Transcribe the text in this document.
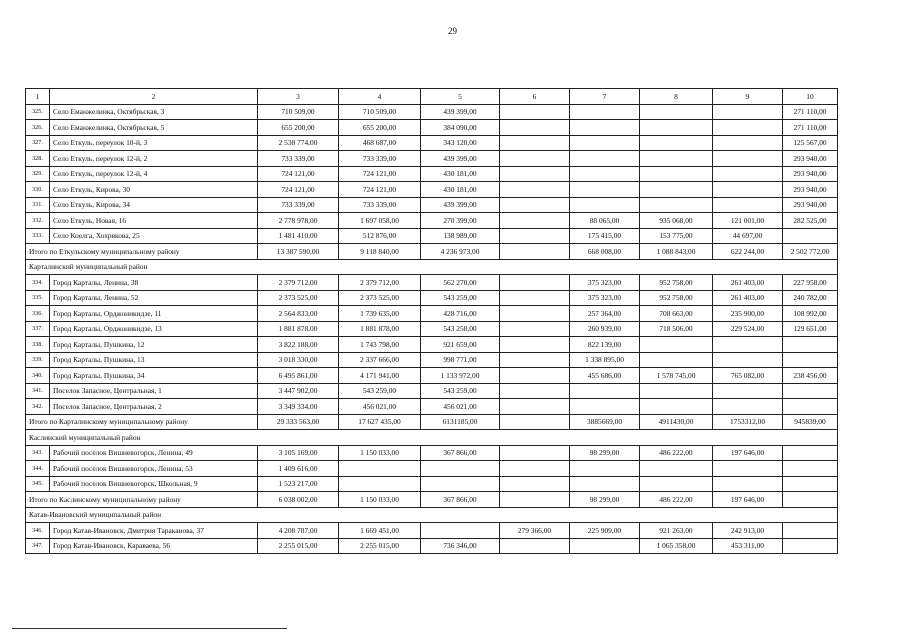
29
1	2	3	4	5	6	7	8	9	10
325.	Село Еманжелинка, Октябрьская, 3	710 509,00	710 509,00	439 399,00					271 110,00
326.	Село Еманжелинка, Октябрьская, 5	655 200,00	655 200,00	384 090,00					271 110,00
327.	Село Еткуль, переулок 10-й, 3	2 538 774,00	468 687,00	343 120,00					125 567,00
328.	Село Еткуль, переулок 12-й, 2	733 339,00	733 339,00	439 399,00					293 940,00
329.	Село Еткуль, переулок 12-й, 4	724 121,00	724 121,00	430 181,00					293 940,00
330.	Село Еткуль, Кирова, 30	724 121,00	724 121,00	430 181,00					293 940,00
331.	Село Еткуль, Кирова, 34	733 339,00	733 339,00	439 399,00					293 940,00
332.	Село Еткуль, Новая, 16	2 778 978,00	1 697 058,00	270 399,00		88 065,00	935 068,00	121 001,00	282 525,00
333.	Село Коелга, Хохрякова, 25	1 481 410,00	512 876,00	138 989,00		175 415,00	153 775,00	44 697,00	
Итого по Еткульскому муниципальному району		13 387 590,00	9 118 840,00	4 236 973,00		668 008,00	1 088 843,00	622 244,00	2 502 772,00
Карталинский муниципальный район									
334.	Город Карталы, Ленина, 38	2 379 712,00	2 379 712,00	562 270,00		375 323,00	952 758,00	261 403,00	227 958,00
335.	Город Карталы, Ленина, 52	2 373 525,00	2 373 525,00	543 259,00		375 323,00	952 758,00	261 403,00	240 782,00
336.	Город Карталы, Орджоникидзе, 11	2 564 833,00	1 739 635,00	428 716,00		257 364,00	708 663,00	235 900,00	108 992,00
337.	Город Карталы, Орджоникидзе, 13	1 881 878,00	1 881 878,00	543 258,00		260 939,00	718 506,00	229 524,00	129 651,00
338.	Город Карталы, Пушкина, 12	3 822 188,00	1 743 798,00	921 659,00		822 139,00			
339.	Город Карталы, Пушкина, 13	3 018 330,00	2 337 666,00	998 771,00		1 338 895,00			
340.	Город Карталы, Пушкина, 34	6 495 861,00	4 171 941,00	1 133 972,00		455 686,00	1 578 745,00	765 082,00	238 456,00
341.	Поселок Запасное, Центральная, 1	3 447 902,00	543 259,00	543 259,00					
342.	Поселок Запасное, Центральная, 2	3 349 334,00	456 021,00	456 021,00					
Итого по Карталинскому муниципальному району		29 333 563,00	17 627 435,00	6131185,00		3885669,00	4911430,00	1753312,00	945839,00
Каслинский муниципальный район									
343.	Рабочий поселок Вишневогорск, Ленина, 49	3 105 169,00	1 150 033,00	367 866,00		98 299,00	486 222,00	197 646,00	
344.	Рабочий поселок Вишневогорск, Ленина, 53	1 409 616,00							
345.	Рабочий поселок Вишневогорск, Школьная, 9	1 523 217,00							
Итого по Каслинскому муниципальному району		6 038 002,00	1 150 033,00	367 866,00		98 299,00	486 222,00	197 646,00	
Катав-Ивановский муниципальный район									
346.	Город Катав-Ивановск, Дмитрия Тараканова, 37	4 208 787,00	1 669 451,00		279 366,00	225 909,00	921 263,00	242 913,00	
347.	Город Катав-Ивановск, Караваева, 56	2 255 015,00	2 255 015,00	736 346,00			1 065 358,00	453 311,00	
